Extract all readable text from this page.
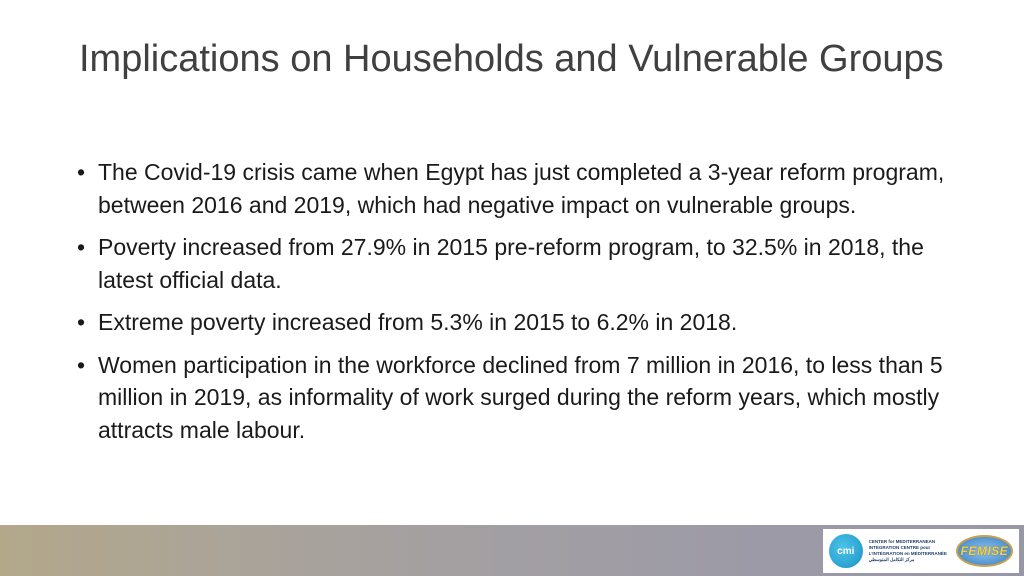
Implications on Households and Vulnerable Groups
• The Covid-19 crisis came when Egypt has just completed a 3-year reform program, between 2016 and 2019, which had negative impact on vulnerable groups.
• Poverty increased from 27.9% in 2015 pre-reform program, to 32.5% in 2018, the latest official data.
• Extreme poverty increased from 5.3% in 2015 to 6.2% in 2018.
• Women participation in the workforce declined from 7 million in 2016, to less than 5 million in 2019, as informality of work surged during the reform years, which mostly attracts male labour.
cmi
CENTER for MEDITERRANEAN
INTEGRATION CENTRE pour
L'INTÉGRATION en MÉDITERRANÉE
مركز التكامل المتوسطي
FEMISE
